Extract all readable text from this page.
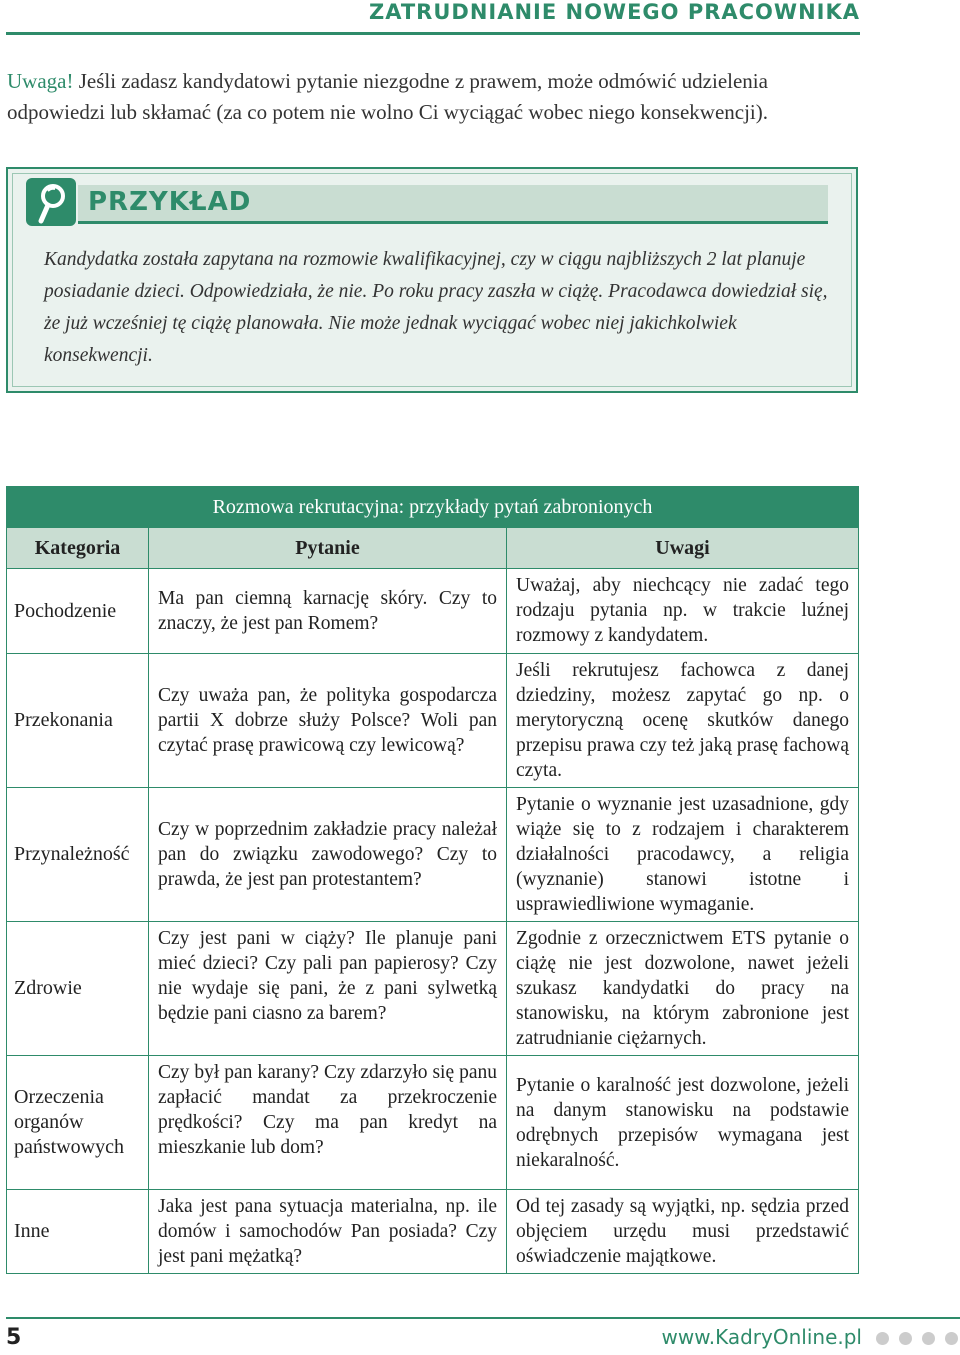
ZATRUDNIANIE NOWEGO PRACOWNIKA
Uwaga! Jeśli zadasz kandydatowi pytanie niezgodne z prawem, może odmówić udzielenia odpowiedzi lub skłamać (za co potem nie wolno Ci wyciągać wobec niego konsekwencji).
PRZYKŁAD
Kandydatka została zapytana na rozmowie kwalifikacyjnej, czy w ciągu najbliższych 2 lat planuje posiadanie dzieci. Odpowiedziała, że nie. Po roku pracy zaszła w ciążę. Pracodawca dowiedział się, że już wcześniej tę ciążę planowała. Nie może jednak wyciągać wobec niej jakichkolwiek konsekwencji.
Rozmowa rekrutacyjna: przykłady pytań zabronionych		
Kategoria	Pytanie	Uwagi
Pochodzenie	Ma pan ciemną karnację skóry. Czy to znaczy, że jest pan Romem?	Uważaj, aby niechcący nie zadać tego rodzaju pytania np. w trakcie luźnej rozmowy z kandydatem.
Przekonania	Czy uważa pan, że polityka gospodarcza partii X dobrze służy Polsce? Woli pan czytać prasę prawicową czy lewicową?	Jeśli rekrutujesz fachowca z danej dziedziny, możesz zapytać go np. o merytoryczną ocenę skutków danego przepisu prawa czy też jaką prasę fachową czyta.
Przynależność	Czy w poprzednim zakładzie pracy należał pan do związku zawodowego? Czy to prawda, że jest pan protestantem?	Pytanie o wyznanie jest uzasadnione, gdy wiąże się to z rodzajem i charakterem działalności pracodawcy, a religia (wyznanie) stanowi istotne i usprawiedliwione wymaganie.
Zdrowie	Czy jest pani w ciąży? Ile planuje pani mieć dzieci? Czy pali pan papierosy? Czy nie wydaje się pani, że z pani sylwetką będzie pani ciasno za barem?	Zgodnie z orzecznictwem ETS pytanie o ciążę nie jest dozwolone, nawet jeżeli szukasz kandydatki do pracy na stanowisku, na którym zabronione jest zatrudnianie ciężarnych.
Orzeczenia organów państwowych	Czy był pan karany? Czy zdarzyło się panu zapłacić mandat za przekroczenie prędkości? Czy ma pan kredyt na mieszkanie lub dom?	Pytanie o karalność jest dozwolone, jeżeli na danym stanowisku na podstawie odrębnych przepisów wymagana jest niekaralność.
Inne	Jaka jest pana sytuacja materialna, np. ile domów i samochodów Pan posiada? Czy jest pani mężatką?	Od tej zasady są wyjątki, np. sędzia przed objęciem urzędu musi przedstawić oświadczenie majątkowe.
5	www.KadryOnline.pl
